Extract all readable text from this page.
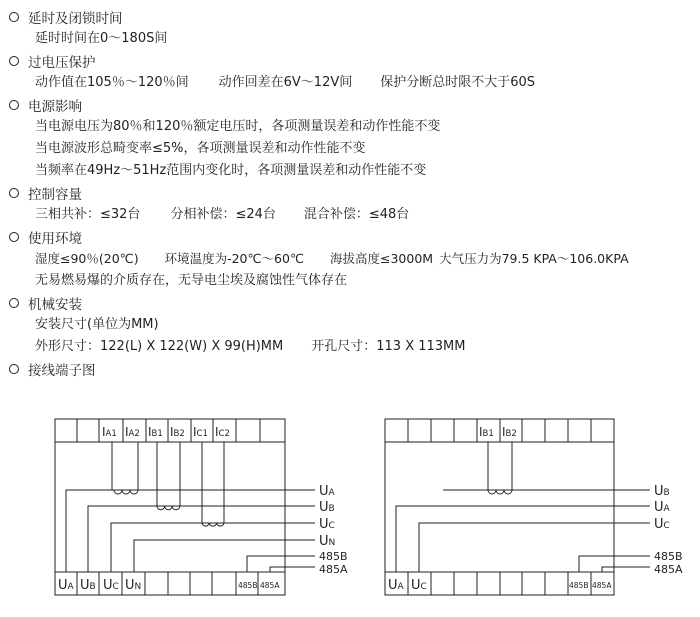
延时及闭锁时间
延时时间在0～180S间
过电压保护
动作值在105％～120％间 动作回差在6V～12V间 保护分断总时限不大于60S
电源影响
当电源电压为80％和120％额定电压时，各项测量误差和动作性能不变
当电源波形总畸变率≤5%，各项测量误差和动作性能不变
当频率在49Hz～51Hz范围内变化时，各项测量误差和动作性能不变
控制容量
三相共补：≤32台 分相补偿：≤24台 混合补偿：≤48台
使用环境
湿度≤90％(20℃) 环境温度为-20℃～60℃ 海拔高度≤3000M 大气压力为79.5 KPA～106.0KPA
无易燃易爆的介质存在，无导电尘埃及腐蚀性气体存在
机械安装
安装尺寸(单位为MM)
外形尺寸：122(L) X 122(W) X 99(H)MM 开孔尺寸：113 X 113MM
接线端子图
IA1 IA2 IB1 IB2 IC1 IC2
UA UB UC UN	485B 485A
UA
UB
UC
UN
485B
485A
IB1 IB2
UA UC	485B 485A
UB
UA
UC
485B
485A
